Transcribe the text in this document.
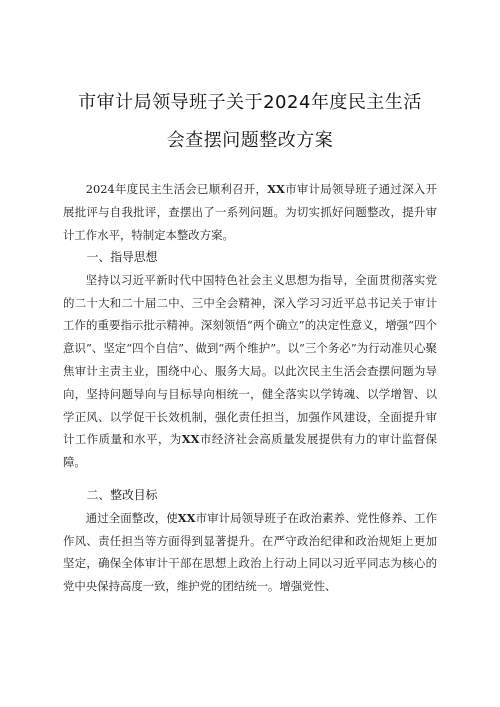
市审计局领导班子关于2024年度民主生活
会查摆问题整改方案

2024年度民主生活会已顺利召开，XX市审计局领导班子通过深入开展批评与自我批评，查摆出了一系列问题。为切实抓好问题整改，提升审计工作水平，特制定本整改方案。

一、指导思想

坚持以习近平新时代中国特色社会主义思想为指导，全面贯彻落实党的二十大和二十届二中、三中全会精神，深入学习习近平总书记关于审计工作的重要指示批示精神。深刻领悟“两个确立”的决定性意义，增强“四个意识”、坚定“四个自信”、做到“两个维护”。以“三个务必”为行动准贝心聚焦审计主责主业，围绕中心、服务大局。以此次民主生活会查摆问题为导向，坚持问题导向与目标导向相统一，健全落实以学铸魂、以学增智、以学正风、以学促干长效机制，强化责任担当，加强作风建设，全面提升审计工作质量和水平，为XX市经济社会高质量发展提供有力的审计监督保障。

二、整改目标

通过全面整改，使XX市审计局领导班子在政治素养、党性修养、工作作风、责任担当等方面得到显著提升。在严守政治纪律和政治规矩上更加坚定，确保全体审计干部在思想上政治上行动上同以习近平同志为核心的党中央保持高度一致，维护党的团结统一。增强党性、
